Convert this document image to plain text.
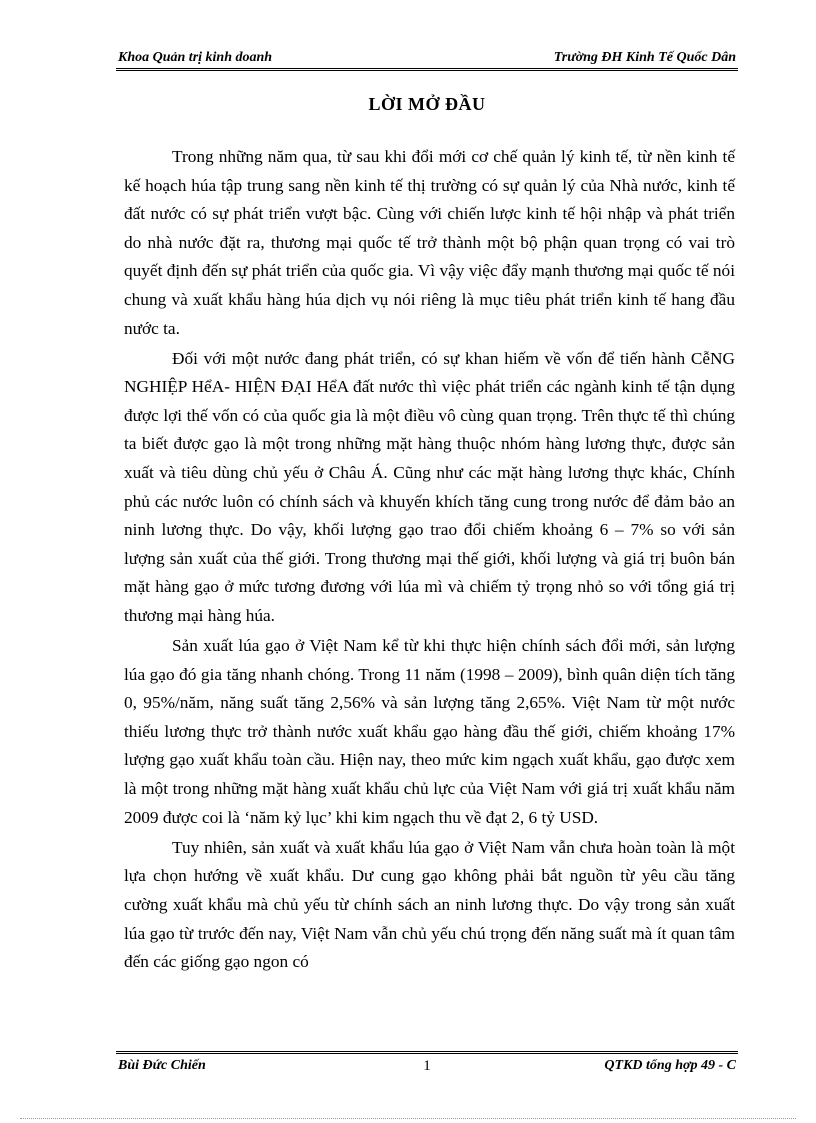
Khoa Quản trị kinh doanh	Trường ĐH Kinh Tế Quốc Dân
LỜI MỞ ĐẦU

Trong những năm qua, từ sau khi đổi mới cơ chế quản lý kinh tế, từ nền kinh tế kế hoạch húa tập trung sang nền kinh tế thị trường có sự quản lý của Nhà nước, kinh tế đất nước có sự phát triển vượt bậc. Cùng với chiến lược kinh tế hội nhập và phát triển do nhà nước đặt ra, thương mại quốc tế trở thành một bộ phận quan trọng có vai trò quyết định đến sự phát triển của quốc gia. Vì vậy việc đẩy mạnh thương mại quốc tế nói chung và xuất khẩu hàng húa dịch vụ nói riêng là mục tiêu phát triển kinh tế hang đầu nước ta.

Đối với một nước đang phát triển, có sự khan hiếm về vốn để tiến hành CễNG NGHIỆP HểA- HIỆN ĐẠI HểA đất nước thì việc phát triển các ngành kinh tế tận dụng được lợi thế vốn có của quốc gia là một điều vô cùng quan trọng. Trên thực tế thì chúng ta biết được gạo là một trong những mặt hàng thuộc nhóm hàng lương thực, được sản xuất và tiêu dùng chủ yếu ở Châu Á. Cũng như các mặt hàng lương thực khác, Chính phủ các nước luôn có chính sách và khuyến khích tăng cung trong nước để đảm bảo an ninh lương thực. Do vậy, khối lượng gạo trao đổi chiếm khoảng 6 – 7% so với sản lượng sản xuất của thế giới. Trong thương mại thế giới, khối lượng và giá trị buôn bán mặt hàng gạo ở mức tương đương với lúa mì và chiếm tỷ trọng nhỏ so với tổng giá trị thương mại hàng húa.

Sản xuất lúa gạo ở Việt Nam kể từ khi thực hiện chính sách đổi mới, sản lượng lúa gạo đó gia tăng nhanh chóng. Trong 11 năm (1998 – 2009), bình quân diện tích tăng 0, 95%/năm, năng suất tăng 2,56% và sản lượng tăng 2,65%. Việt Nam từ một nước thiếu lương thực trở thành nước xuất khẩu gạo hàng đầu thế giới, chiếm khoảng 17% lượng gạo xuất khẩu toàn cầu. Hiện nay, theo mức kim ngạch xuất khẩu, gạo được xem là một trong những mặt hàng xuất khẩu chủ lực của Việt Nam với giá trị xuất khẩu năm 2009 được coi là ‘năm kỷ lục’ khi kim ngạch thu về đạt 2, 6 tỷ USD.

Tuy nhiên, sản xuất và xuất khẩu lúa gạo ở Việt Nam vẫn chưa hoàn toàn là một lựa chọn hướng về xuất khẩu. Dư cung gạo không phải bắt nguồn từ yêu cầu tăng cường xuất khẩu mà chủ yếu từ chính sách an ninh lương thực. Do vậy trong sản xuất lúa gạo từ trước đến nay, Việt Nam vẫn chủ yếu chú trọng đến năng suất mà ít quan tâm đến các giống gạo ngon có

Bùi Đức Chiến	1	QTKD tổng hợp 49 - C
